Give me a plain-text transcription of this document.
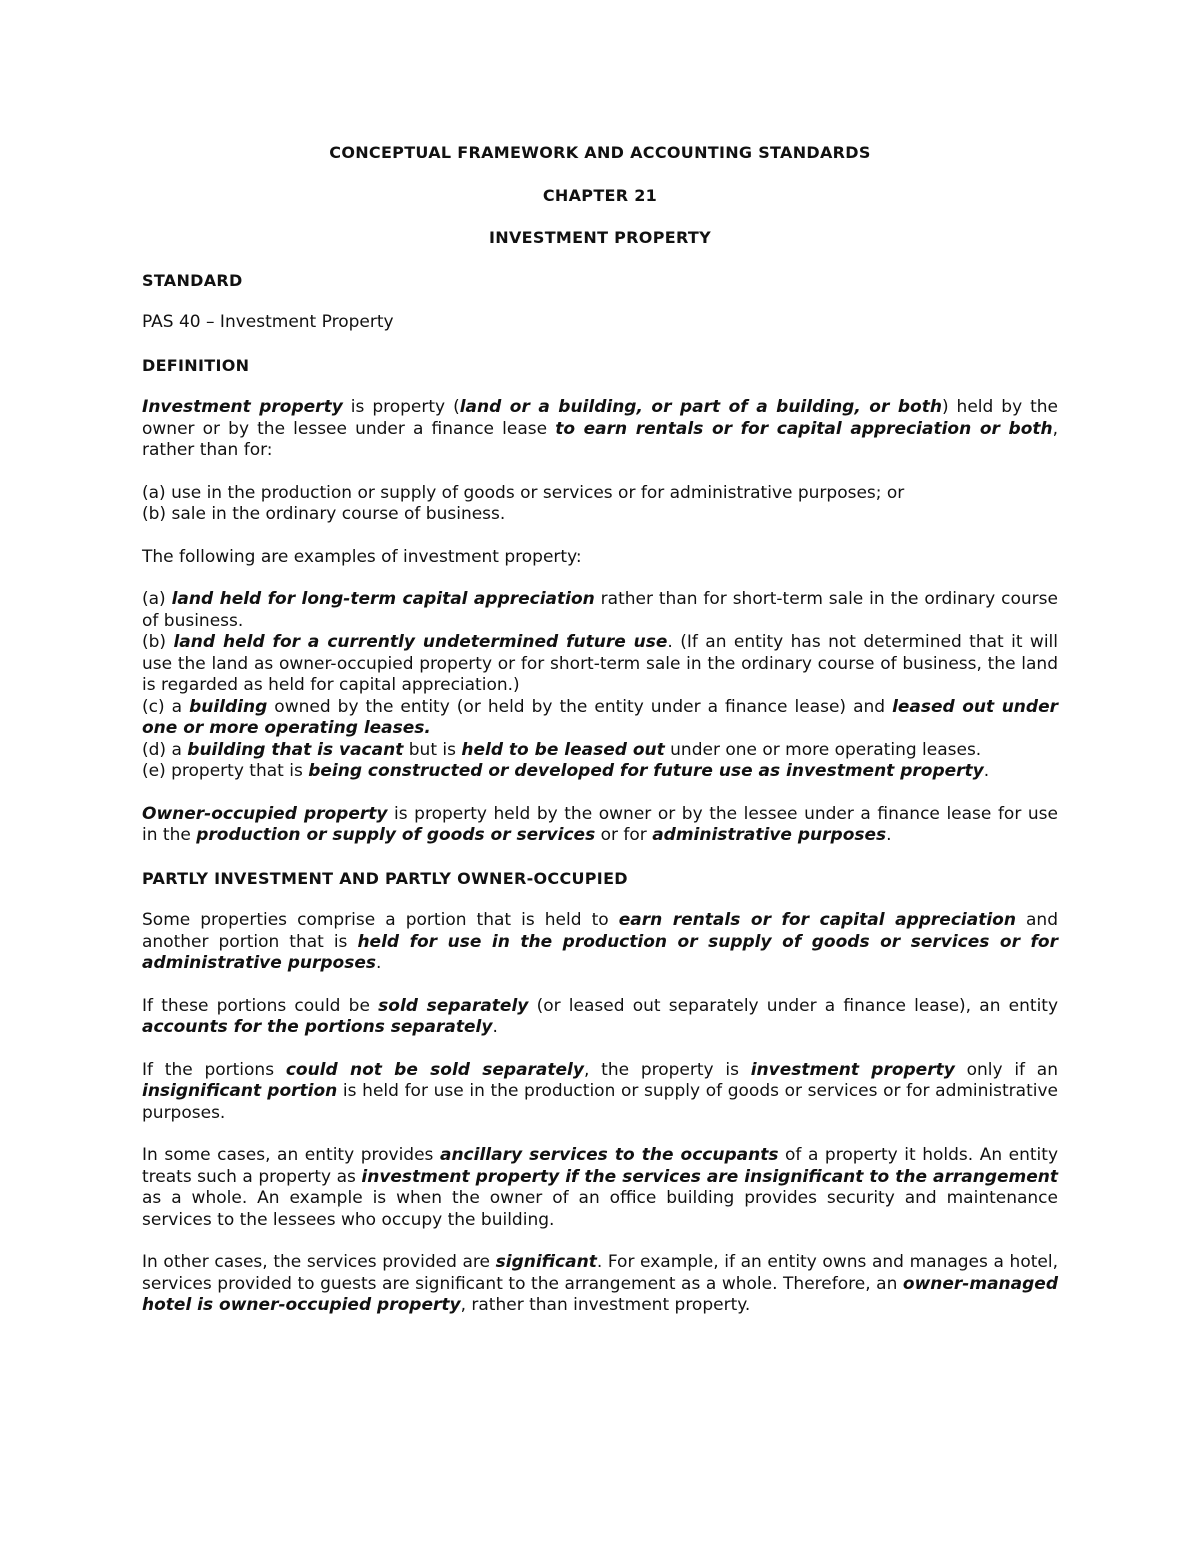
CONCEPTUAL FRAMEWORK AND ACCOUNTING STANDARDS
CHAPTER 21
INVESTMENT PROPERTY
STANDARD

PAS 40 – Investment Property

DEFINITION

Investment property is property (land or a building, or part of a building, or both) held by the owner or by the lessee under a finance lease to earn rentals or for capital appreciation or both, rather than for:

(a) use in the production or supply of goods or services or for administrative purposes; or
(b) sale in the ordinary course of business.

The following are examples of investment property:

(a) land held for long-term capital appreciation rather than for short-term sale in the ordinary course of business.
(b) land held for a currently undetermined future use. (If an entity has not determined that it will use the land as owner-occupied property or for short-term sale in the ordinary course of business, the land is regarded as held for capital appreciation.)
(c) a building owned by the entity (or held by the entity under a finance lease) and leased out under one or more operating leases.
(d) a building that is vacant but is held to be leased out under one or more operating leases.
(e) property that is being constructed or developed for future use as investment property.

Owner-occupied property is property held by the owner or by the lessee under a finance lease for use in the production or supply of goods or services or for administrative purposes.

PARTLY INVESTMENT AND PARTLY OWNER-OCCUPIED

Some properties comprise a portion that is held to earn rentals or for capital appreciation and another portion that is held for use in the production or supply of goods or services or for administrative purposes.

If these portions could be sold separately (or leased out separately under a finance lease), an entity accounts for the portions separately.

If the portions could not be sold separately, the property is investment property only if an insignificant portion is held for use in the production or supply of goods or services or for administrative purposes.

In some cases, an entity provides ancillary services to the occupants of a property it holds. An entity treats such a property as investment property if the services are insignificant to the arrangement as a whole. An example is when the owner of an office building provides security and maintenance services to the lessees who occupy the building.

In other cases, the services provided are significant. For example, if an entity owns and manages a hotel, services provided to guests are significant to the arrangement as a whole. Therefore, an owner-managed hotel is owner-occupied property, rather than investment property.
